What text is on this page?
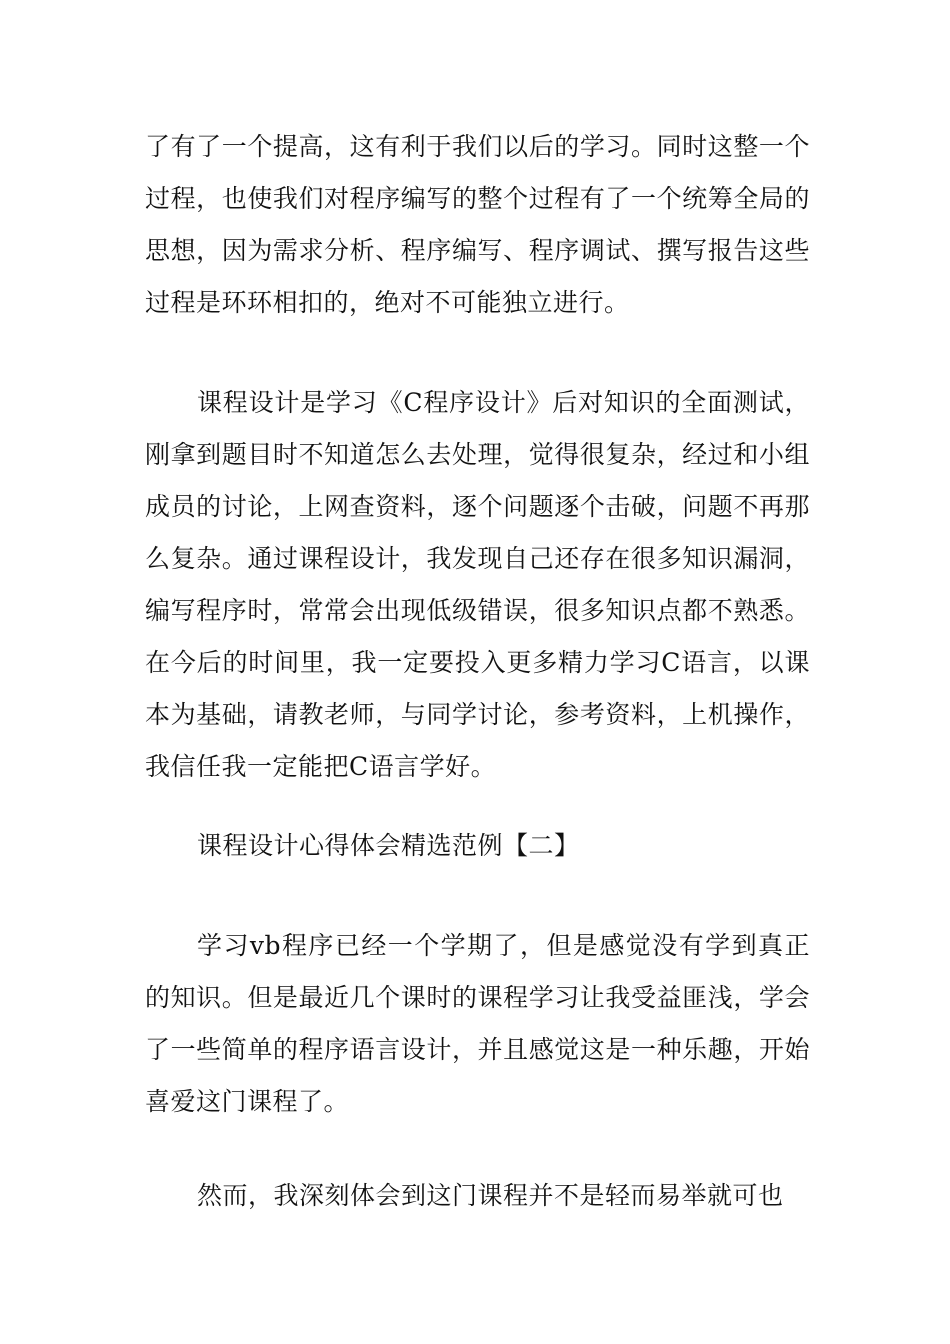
了有了一个提高，这有利于我们以后的学习。同时这整一个过程，也使我们对程序编写的整个过程有了一个统筹全局的思想，因为需求分析、程序编写、程序调试、撰写报告这些过程是环环相扣的，绝对不可能独立进行。

课程设计是学习《C程序设计》后对知识的全面测试，刚拿到题目时不知道怎么去处理，觉得很复杂，经过和小组成员的讨论，上网查资料，逐个问题逐个击破，问题不再那么复杂。通过课程设计，我发现自己还存在很多知识漏洞，编写程序时，常常会出现低级错误，很多知识点都不熟悉。在今后的时间里，我一定要投入更多精力学习C语言，以课本为基础，请教老师，与同学讨论，参考资料，上机操作，我信任我一定能把C语言学好。

课程设计心得体会精选范例【二】

学习vb程序已经一个学期了，但是感觉没有学到真正的知识。但是最近几个课时的课程学习让我受益匪浅，学会了一些简单的程序语言设计，并且感觉这是一种乐趣，开始喜爱这门课程了。

然而，我深刻体会到这门课程并不是轻而易举就可也
